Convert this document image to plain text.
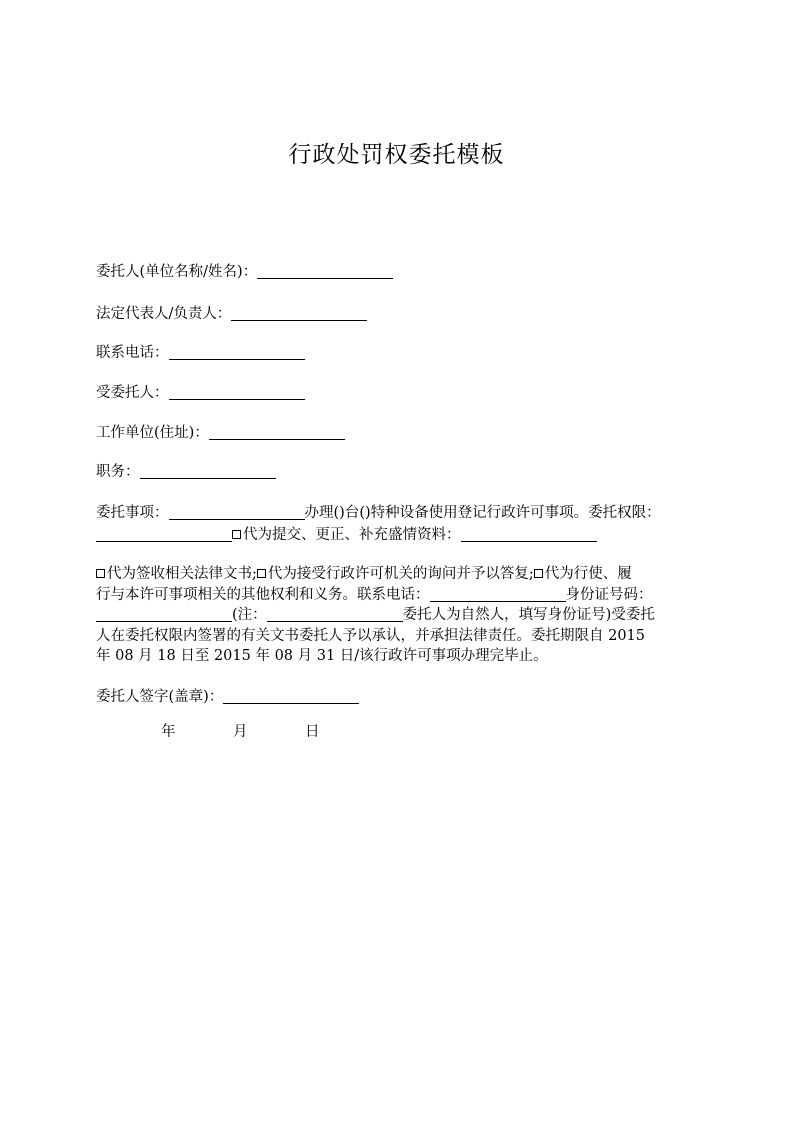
行政处罚权委托模板
委托人(单位名称/姓名)：
法定代表人/负责人：
联系电话：
受委托人：
工作单位(住址)：
职务：
委托事项：	办理()台()特种设备使用登记行政许可事项。委托权限：
代为提交、更正、补充盛情资料：
代为签收相关法律文书; 代为接受行政许可机关的询问并予以答复; 代为行使、履
行与本许可事项相关的其他权利和义务。联系电话：	身份证号码：
(注：	委托人为自然人，填写身份证号)受委托
人在委托权限内签署的有关文书委托人予以承认，并承担法律责任。委托期限自 2015
年 08 月 18 日至 2015 年 08 月 31 日/该行政许可事项办理完毕止。
委托人签字(盖章)：
年	月	日
